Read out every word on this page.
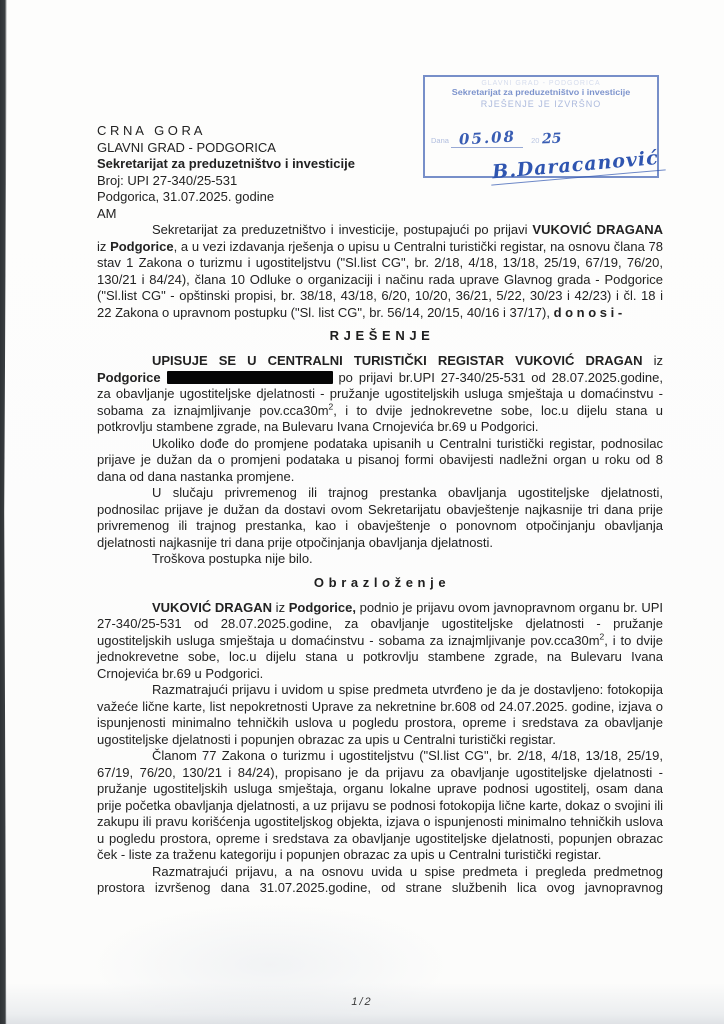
GLAVNI GRAD - PODGORICA
Sekretarijat za preduzetništvo i investicije
RJEŠENJE JE IZVRŠNO
Dana 05.08 20 25
B.Daracanović
C R N A   G O R A
GLAVNI GRAD - PODGORICA
Sekretarijat za preduzetništvo i investicije
Broj: UPI 27-340/25-531
Podgorica, 31.07.2025. godine
AM

Sekretarijat za preduzetništvo i investicije, postupajući po prijavi VUKOVIĆ DRAGANA iz Podgorice, a u vezi izdavanja rješenja o upisu u Centralni turistički registar, na osnovu člana 78 stav 1 Zakona o turizmu i ugostiteljstvu ("Sl.list CG", br. 2/18, 4/18, 13/18, 25/19, 67/19, 76/20, 130/21 i 84/24), člana 10 Odluke o organizaciji i načinu rada uprave Glavnog grada - Podgorice ("Sl.list CG" - opštinski propisi, br. 38/18, 43/18, 6/20, 10/20, 36/21, 5/22, 30/23 i 42/23) i čl. 18 i 22 Zakona o upravnom postupku ("Sl. list CG", br. 56/14, 20/15, 40/16 i 37/17), d o n o s i -

R J E Š E N J E

UPISUJE SE U CENTRALNI TURISTIČKI REGISTAR VUKOVIĆ DRAGAN iz Podgorice	po prijavi br.UPI 27-340/25-531 od 28.07.2025.godine, za obavljanje ugostiteljske djelatnosti - pružanje ugostiteljskih usluga smještaja u domaćinstvu - sobama za iznajmljivanje $pov.cca30m^2$, i to dvije jednokrevetne sobe, loc.u dijelu stana u potkrovlju stambene zgrade, na Bulevaru Ivana Crnojevića br.69 u Podgorici.

Ukoliko dođe do promjene podataka upisanih u Centralni turistički registar, podnosilac prijave je dužan da o promjeni podataka u pisanoj formi obavijesti nadležni organ u roku od 8 dana od dana nastanka promjene.

U slučaju privremenog ili trajnog prestanka obavljanja ugostiteljske djelatnosti, podnosilac prijave je dužan da dostavi ovom Sekretarijatu obavještenje najkasnije tri dana prije privremenog ili trajnog prestanka, kao i obavještenje o ponovnom otpočinjanju obavljanja djelatnosti najkasnije tri dana prije otpočinjanja obavljanja djelatnosti.

Troškova postupka nije bilo.

O b r a z l o ž e n j e

VUKOVIĆ DRAGAN iz Podgorice, podnio je prijavu ovom javnopravnom organu br. UPI 27-340/25-531 od 28.07.2025.godine, za obavljanje ugostiteljske djelatnosti - pružanje ugostiteljskih usluga smještaja u domaćinstvu - sobama za iznajmljivanje $pov.cca30m^2$, i to dvije jednokrevetne sobe, loc.u dijelu stana u potkrovlju stambene zgrade, na Bulevaru Ivana Crnojevića br.69 u Podgorici.

Razmatrajući prijavu i uvidom u spise predmeta utvrđeno je da je dostavljeno: fotokopija važeće lične karte, list nepokretnosti Uprave za nekretnine br.608 od 24.07.2025. godine, izjava o ispunjenosti minimalno tehničkih uslova u pogledu prostora, opreme i sredstava za obavljanje ugostiteljske djelatnosti i popunjen obrazac za upis u Centralni turistički registar.

Članom 77 Zakona o turizmu i ugostiteljstvu ("Sl.list CG", br. 2/18, 4/18, 13/18, 25/19, 67/19, 76/20, 130/21 i 84/24), propisano je da prijavu za obavljanje ugostiteljske djelatnosti - pružanje ugostiteljskih usluga smještaja, organu lokalne uprave podnosi ugostitelj, osam dana prije početka obavljanja djelatnosti, a uz prijavu se podnosi fotokopija lične karte, dokaz o svojini ili zakupu ili pravu korišćenja ugostiteljskog objekta, izjava o ispunjenosti minimalno tehničkih uslova u pogledu prostora, opreme i sredstava za obavljanje ugostiteljske djelatnosti, popunjen obrazac ček - liste za traženu kategoriju i popunjen obrazac za upis u Centralni turistički registar.

Razmatrajući prijavu, a na osnovu uvida u spise predmeta i pregleda predmetnog prostora izvršenog dana 31.07.2025.godine, od strane službenih lica ovog javnopravnog

1/2
